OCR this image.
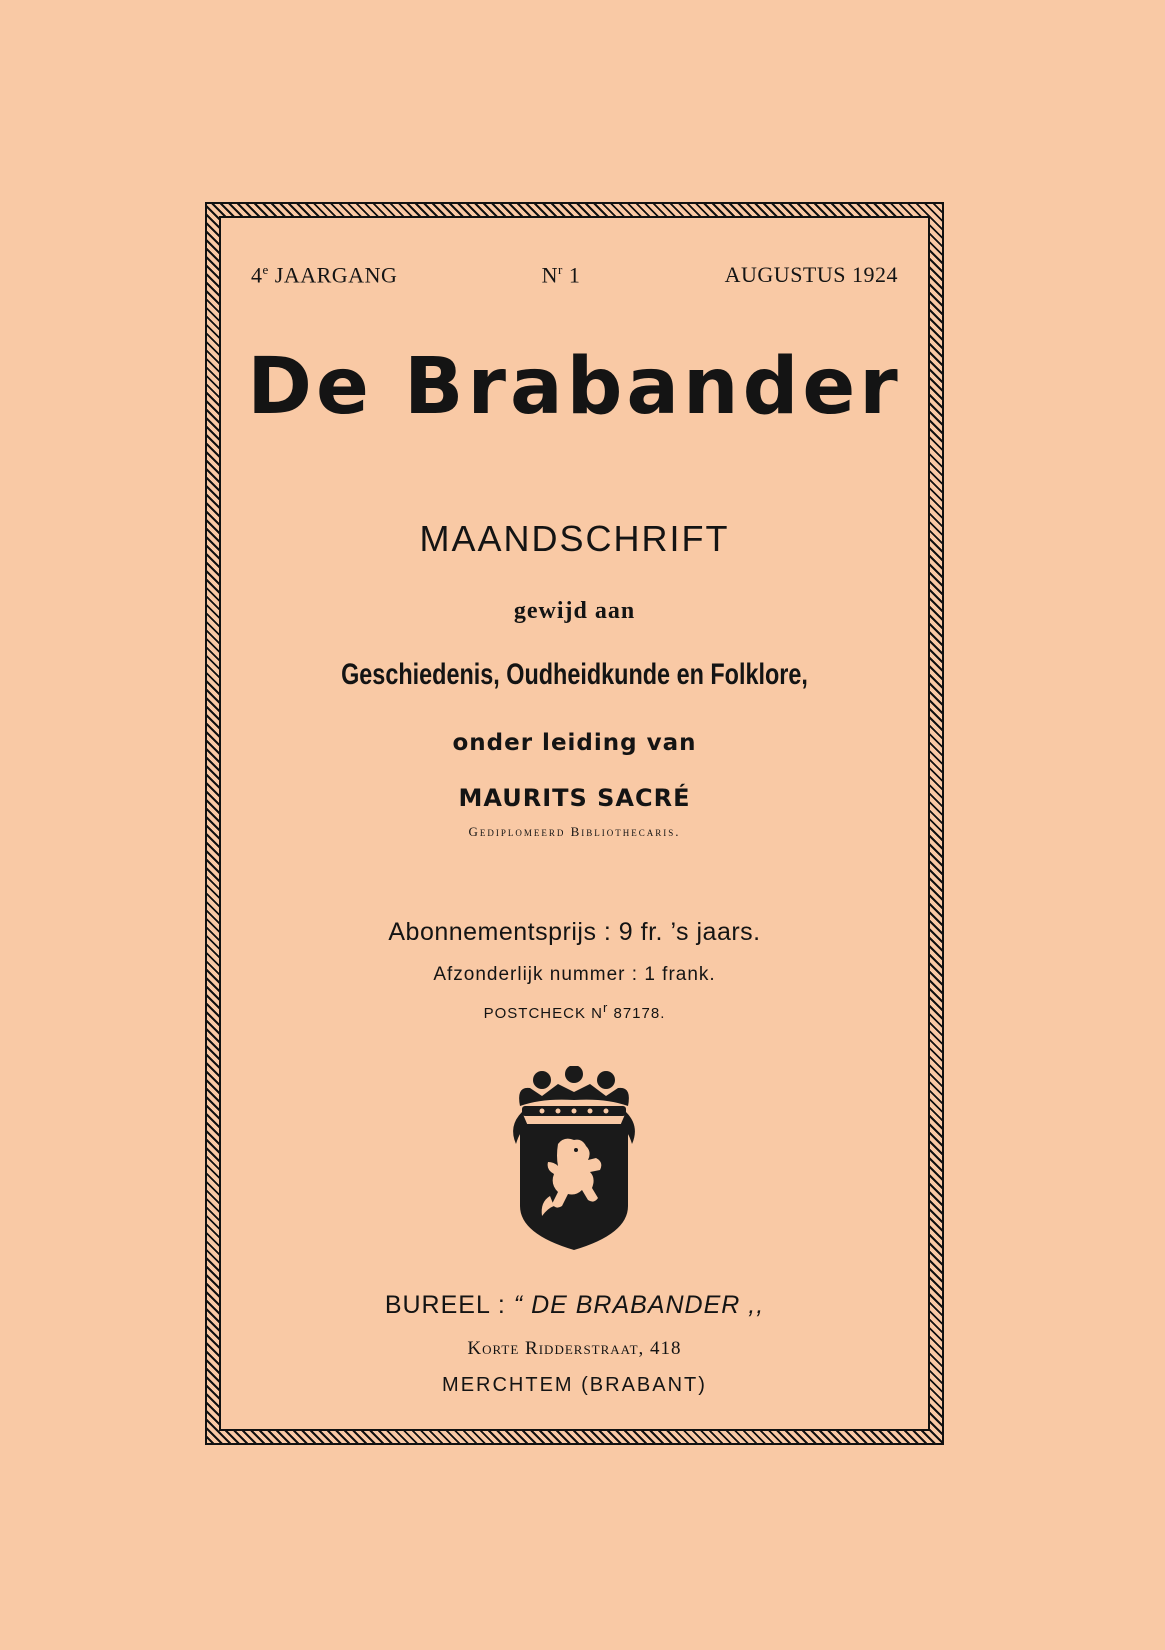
4e JAARGANG	$N^r$ 1	AUGUSTUS 1924
De Brabander
MAANDSCHRIFT
gewijd aan
Geschiedenis, Oudheidkunde en Folklore,
onder leiding van
MAURITS SACRÉ
Gediplomeerd Bibliothecaris.
Abonnementsprijs : 9 fr. ’s jaars.
Afzonderlijk nummer : 1 frank.
POSTCHECK $N^r$ 87178.
BUREEL : “ DE BRABANDER ,,
Korte Ridderstraat, 418
MERCHTEM (BRABANT)
